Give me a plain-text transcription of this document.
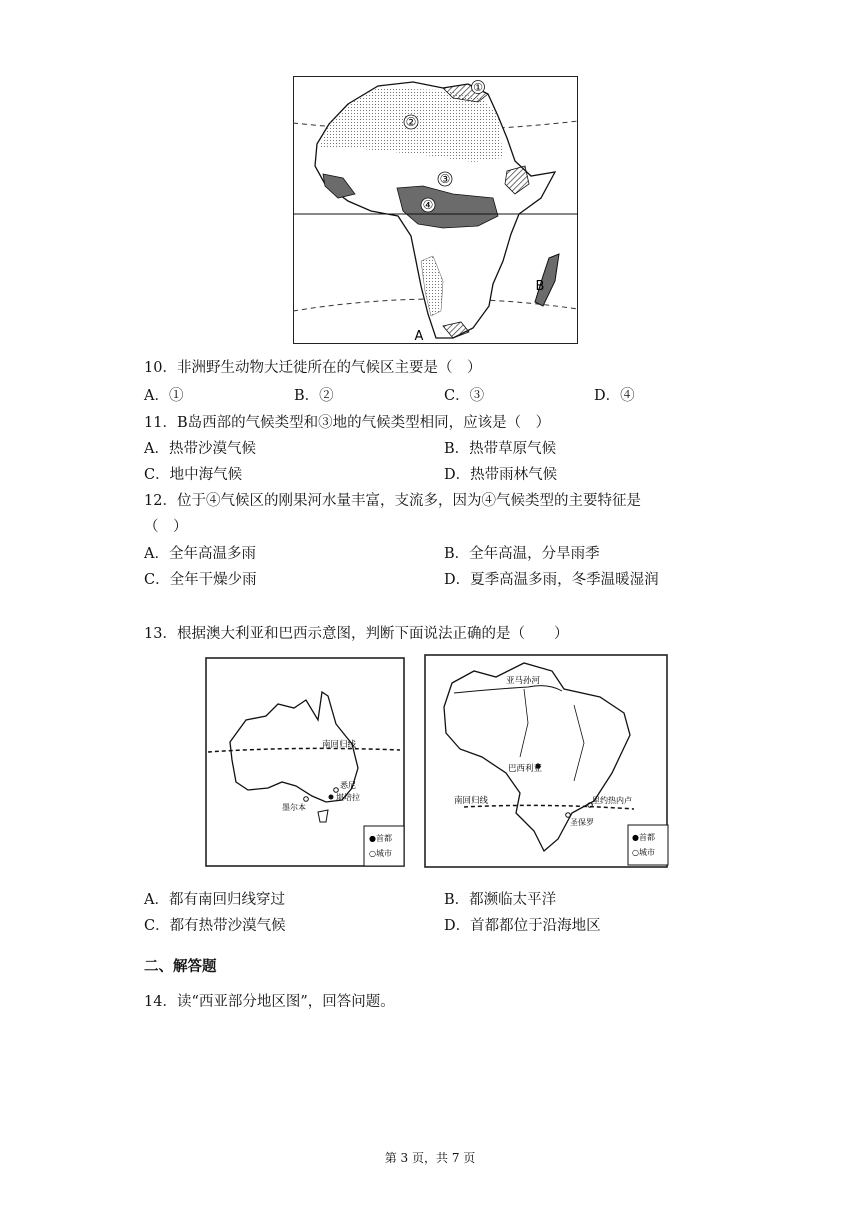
①
②
③
④
A
B
10．非洲野生动物大迁徙所在的气候区主要是（　）
A．①	B．②	C．③	D．④
11．B岛西部的气候类型和③地的气候类型相同，应该是（　）
A．热带沙漠气候	B．热带草原气候
C．地中海气候	D．热带雨林气候
12．位于④气候区的刚果河水量丰富，支流多，因为④气候类型的主要特征是
（　）
A．全年高温多雨	B．全年高温，分旱雨季
C．全年干燥少雨	D．夏季高温多雨，冬季温暖湿润
13．根据澳大利亚和巴西示意图，判断下面说法正确的是（　　）
南回归线
悉尼
堪培拉
墨尔本
●首都
○城市
亚马孙河
巴西利亚
南回归线	里约热内卢
圣保罗
●首都
○城市
A．都有南回归线穿过	B．都濒临太平洋
C．都有热带沙漠气候	D．首都都位于沿海地区
二、解答题
14．读“西亚部分地区图”，回答问题。
第 3 页，共 7 页
